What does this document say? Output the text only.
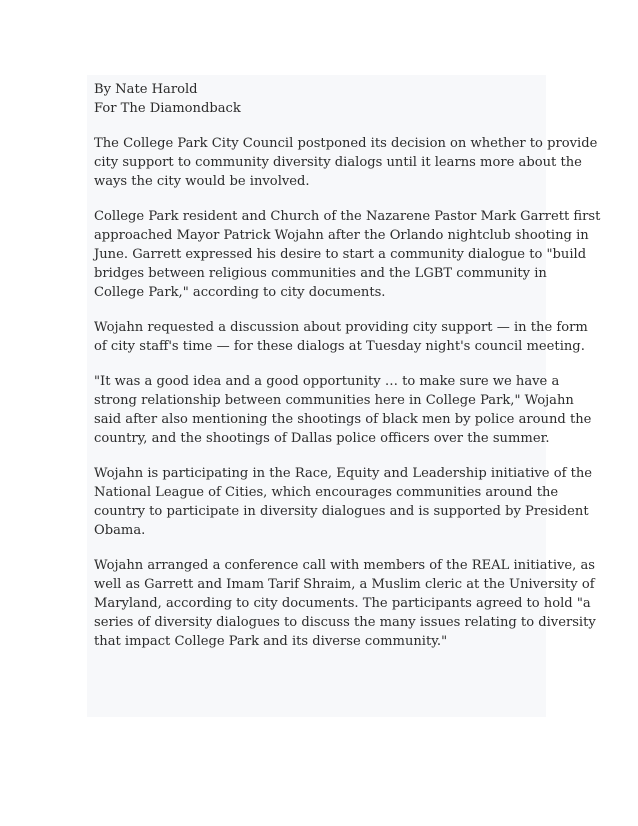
By Nate Harold
For The Diamondback
The College Park City Council postponed its decision on whether to provide
city support to community diversity dialogs until it learns more about the
ways the city would be involved.
College Park resident and Church of the Nazarene Pastor Mark Garrett first
approached Mayor Patrick Wojahn after the Orlando nightclub shooting in
June. Garrett expressed his desire to start a community dialogue to "build
bridges between religious communities and the LGBT community in
College Park," according to city documents.
Wojahn requested a discussion about providing city support — in the form
of city staff's time — for these dialogs at Tuesday night's council meeting.
"It was a good idea and a good opportunity … to make sure we have a
strong relationship between communities here in College Park," Wojahn
said after also mentioning the shootings of black men by police around the
country, and the shootings of Dallas police officers over the summer.
Wojahn is participating in the Race, Equity and Leadership initiative of the
National League of Cities, which encourages communities around the
country to participate in diversity dialogues and is supported by President
Obama.
Wojahn arranged a conference call with members of the REAL initiative, as
well as Garrett and Imam Tarif Shraim, a Muslim cleric at the University of
Maryland, according to city documents. The participants agreed to hold "a
series of diversity dialogues to discuss the many issues relating to diversity
that impact College Park and its diverse community."
